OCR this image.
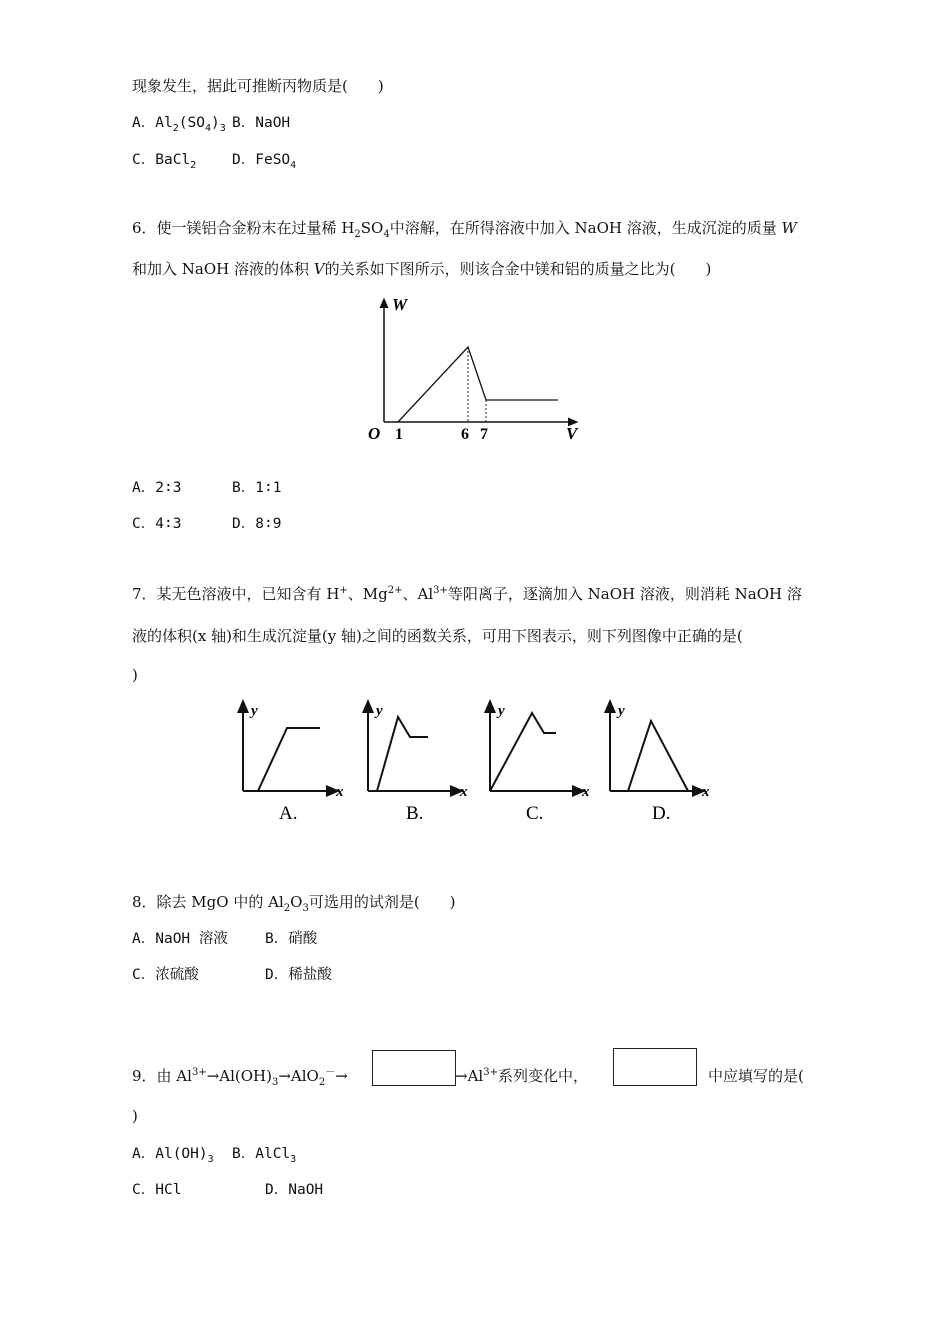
现象发生，据此可推断丙物质是(　　)
A．$Al_2(SO_4)_3$ B．NaOH
C．BaCl$_2$ D．FeSO$_4$
6．使一镁铝合金粉末在过量稀 $H_2SO_4$中溶解，在所得溶液中加入 NaOH 溶液，生成沉淀的质量 W
和加入 NaOH 溶液的体积 V的关系如下图所示，则该合金中镁和铝的质量之比为(　　)
W
O 1	6 7	V
A．2∶3	B．1∶1
C．4∶3	D．8∶9
7．某无色溶液中，已知含有 H+、$Mg^{2+}$、$Al^{3+}$等阳离子，逐滴加入 NaOH 溶液，则消耗 NaOH 溶
液的体积(x 轴)和生成沉淀量(y 轴)之间的函数关系，可用下图表示，则下列图像中正确的是(
)
y
x
A.
y
x
B.
y
x
C.
y
x
D.
8．除去 MgO 中的 $Al_2O_3$可选用的试剂是(　　)
A．NaOH 溶液	B．硝酸
C．浓硫酸	D．稀盐酸
9．由 $Al^{3+}\to Al(OH)_3\to AlO_2^-\to$	$\to Al^{3+}$系列变化中，	中应填写的是(
)
A．$Al(OH)_3$ B．AlCl$_3$
C．HCl	D．NaOH
